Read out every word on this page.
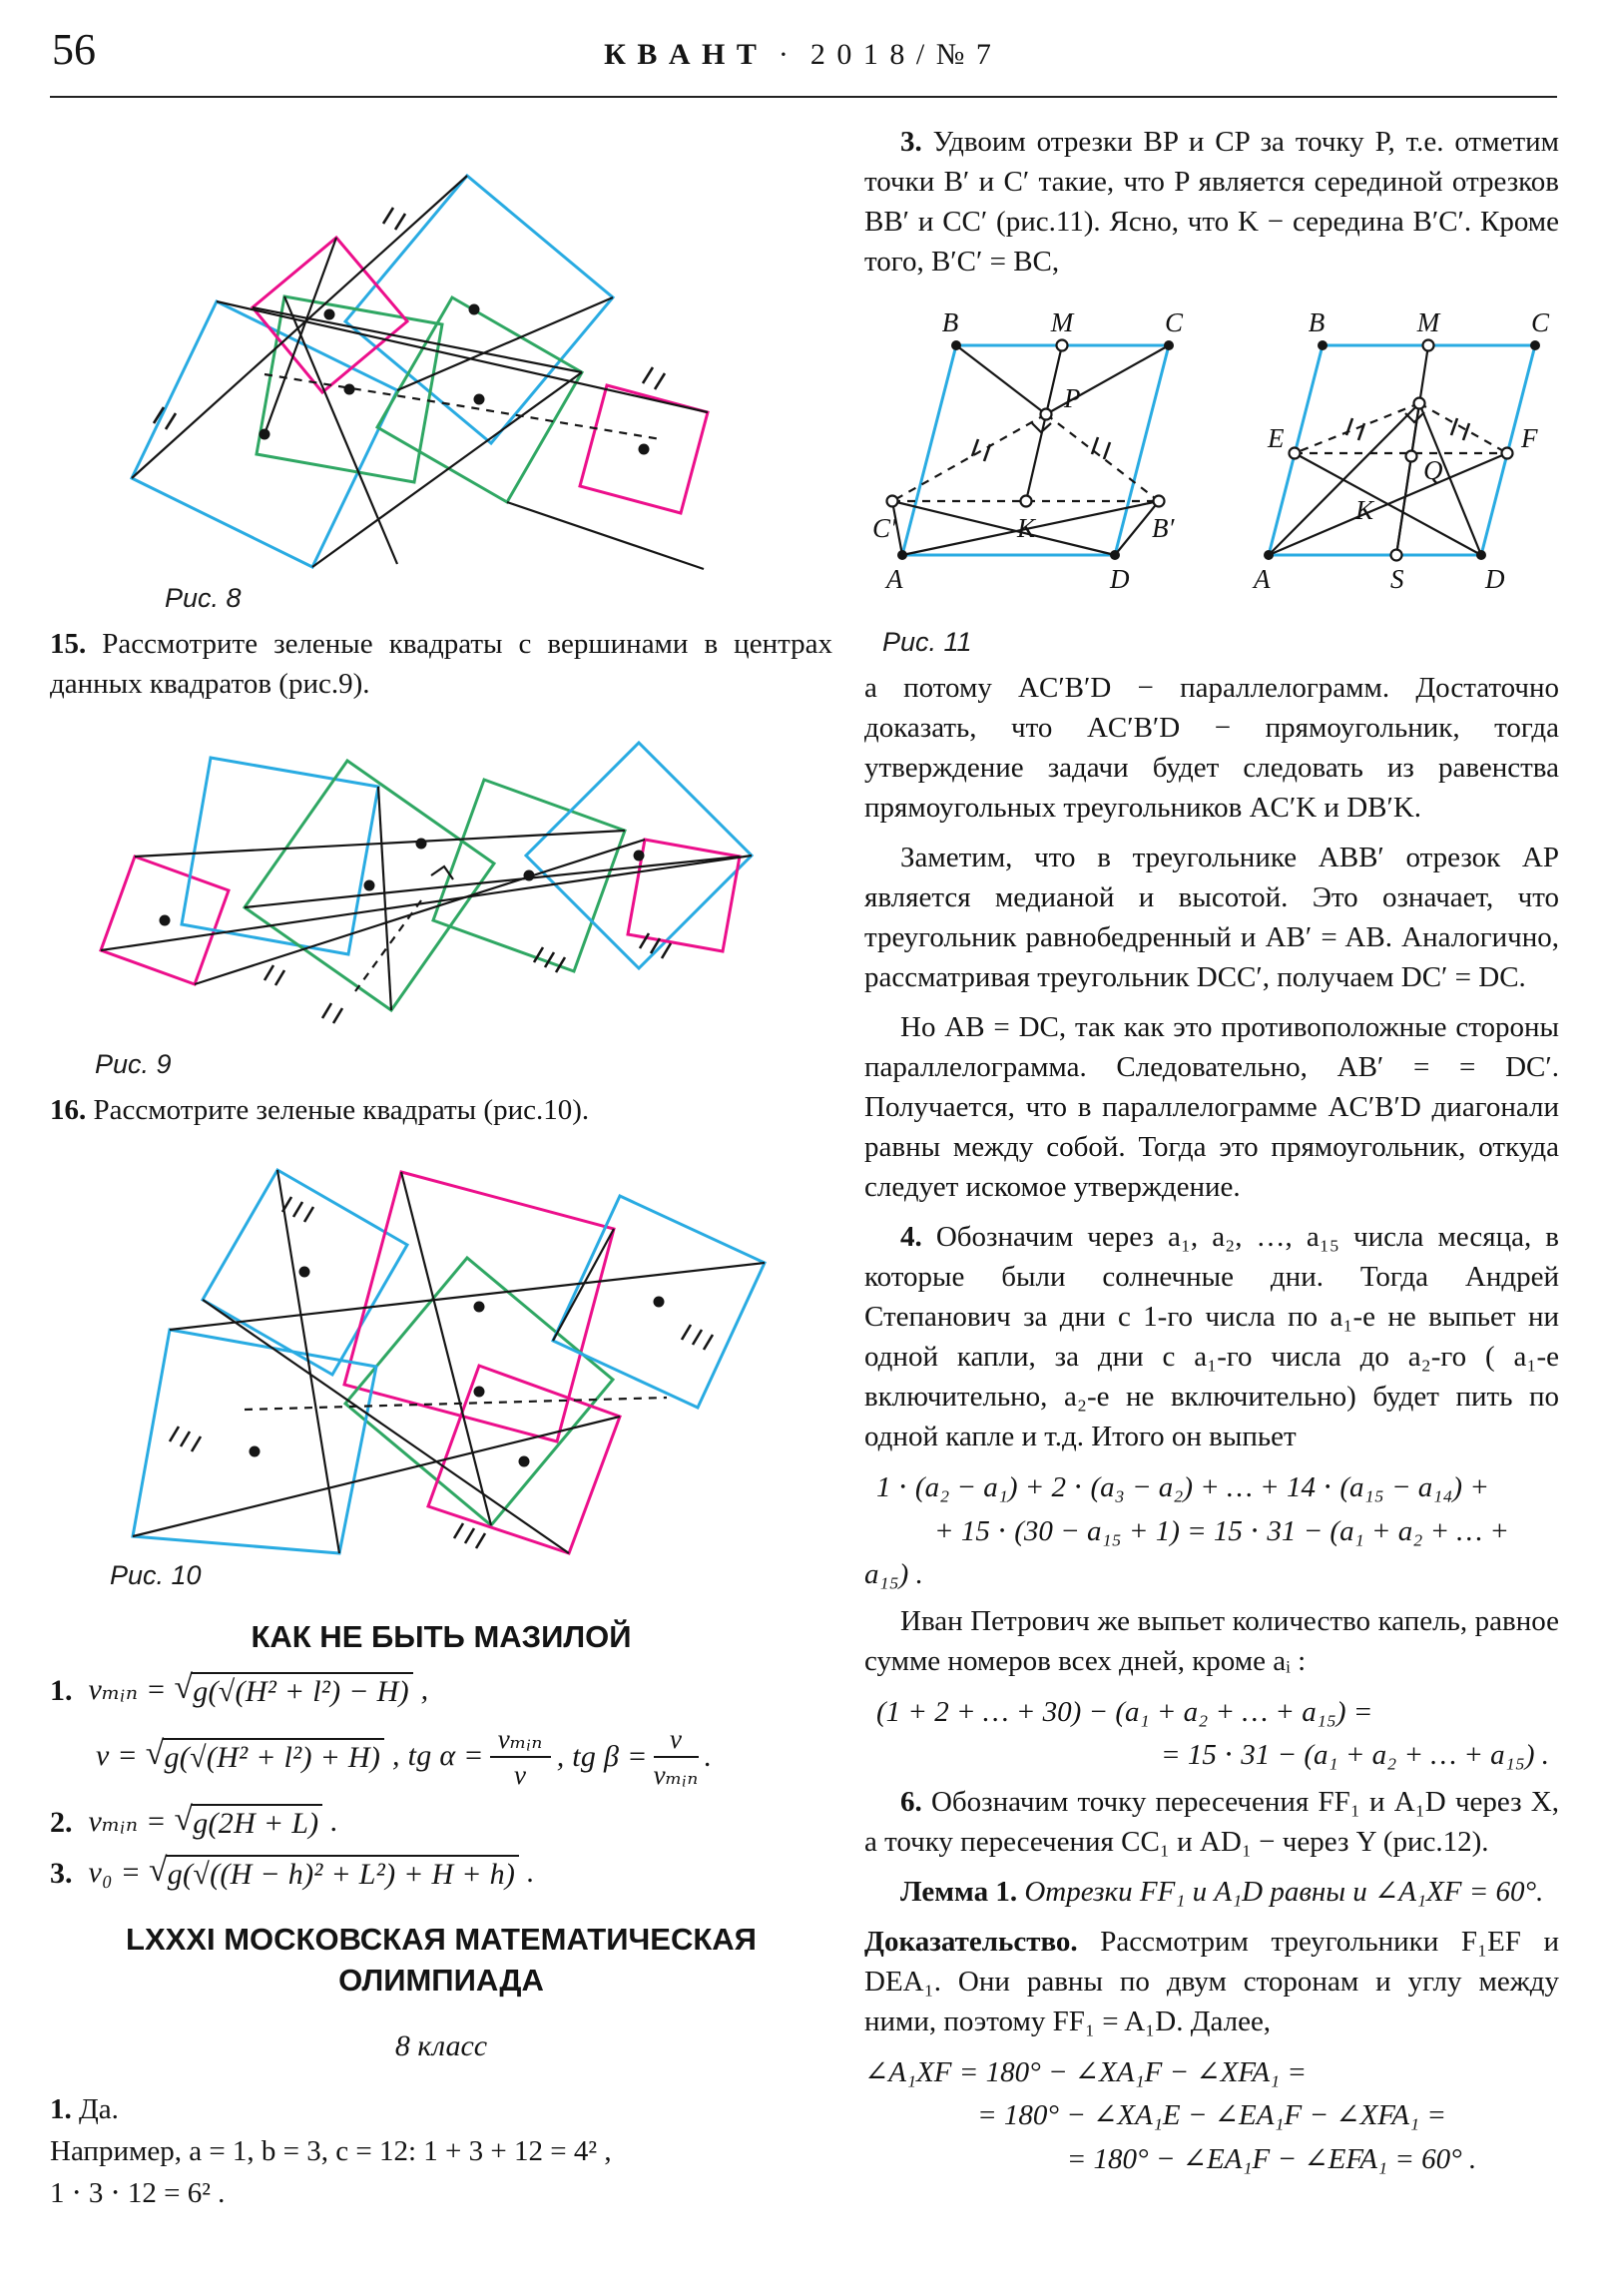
56	К В А Н Т · 2 0 1 8 / № 7
Рис. 8

15. Рассмотрите зеленые квадраты с вершинами в центрах данных квадратов (рис.9).

Рис. 9

16. Рассмотрите зеленые квадраты (рис.10).

Рис. 10
КАК НЕ БЫТЬ МАЗИЛОЙ
1. vₘᵢₙ = √ g(√(H² + l²) − H) ,
v = √ g(√(H² + l²) + H) , tg $\alpha = \frac{\text{vₘᵢₙ}}{v}$ , tg $\beta = \frac{v}{\text{vₘᵢₙ}}$ .
2. vₘᵢₙ = √ g(2H + L) .
3. v₀ = √ g(√((H − h)² + L²) + H + h) .
LXXXI МОСКОВСКАЯ МАТЕМАТИЧЕСКАЯ
ОЛИМПИАДА
8 класс

1. Да.

Например, a = 1, b = 3, c = 12: 1 + 3 + 12 = 4² ,

1 ⋅ 3 ⋅ 12 = 6² .

3. Удвоим отрезки BP и CP за точку P, т.е. отметим точки B′ и C′ такие, что P является серединой отрезков BB′ и CC′ (рис.11). Ясно, что K − середина B′C′. Кроме того, B′C′ = BC,

B	M	C
P
C′	K	B′
A	D
B	M	C
E	F
K
Q
A	S	D
Рис. 11

а потому AC′B′D − параллелограмм. Достаточно доказать, что AC′B′D − прямоугольник, тогда утверждение задачи будет следовать из равенства прямоугольных треугольников AC′K и DB′K.

Заметим, что в треугольнике ABB′ отрезок AP является медианой и высотой. Это означает, что треугольник равнобедренный и AB′ = AB. Аналогично, рассматривая треугольник DCC′, получаем DC′ = DC.

Но AB = DC, так как это противоположные стороны параллелограмма. Следовательно, AB′ = = DC′. Получается, что в параллелограмме AC′B′D диагонали равны между собой. Тогда это прямоугольник, откуда следует искомое утверждение.

4. Обозначим через a₁, a₂, …, a₁₅ числа месяца, в которые были солнечные дни. Тогда Андрей Степанович за дни с 1-го числа по a₁-е не выпьет ни одной капли, за дни с a₁-го числа до a₂-го ( a₁-е включительно, a₂-е не включительно) будет пить по одной капле и т.д. Итого он выпьет

1 ⋅ (a₂ − a₁) + 2 ⋅ (a₃ − a₂) + … + 14 ⋅ (a₁₅ − a₁₄) +
+ 15 ⋅ (30 − a₁₅ + 1) = 15 ⋅ 31 − (a₁ + a₂ + … + a₁₅) .

Иван Петрович же выпьет количество капель, равное сумме номеров всех дней, кроме aᵢ :

(1 + 2 + … + 30) − (a₁ + a₂ + … + a₁₅) =
= 15 ⋅ 31 − (a₁ + a₂ + … + a₁₅) .

6. Обозначим точку пересечения FF₁ и A₁D через X, а точку пересечения CC₁ и AD₁ − через Y (рис.12).

Лемма 1. Отрезки FF₁ и A₁D равны и ∠A₁XF = 60°.

Доказательство. Рассмотрим треугольники F₁EF и DEA₁. Они равны по двум сторонам и углу между ними, поэтому FF₁ = A₁D. Далее,

∠A₁XF = 180° − ∠XA₁F − ∠XFA₁ =
= 180° − ∠XA₁E − ∠EA₁F − ∠XFA₁ =
= 180° − ∠EA₁F − ∠EFA₁ = 60° .
